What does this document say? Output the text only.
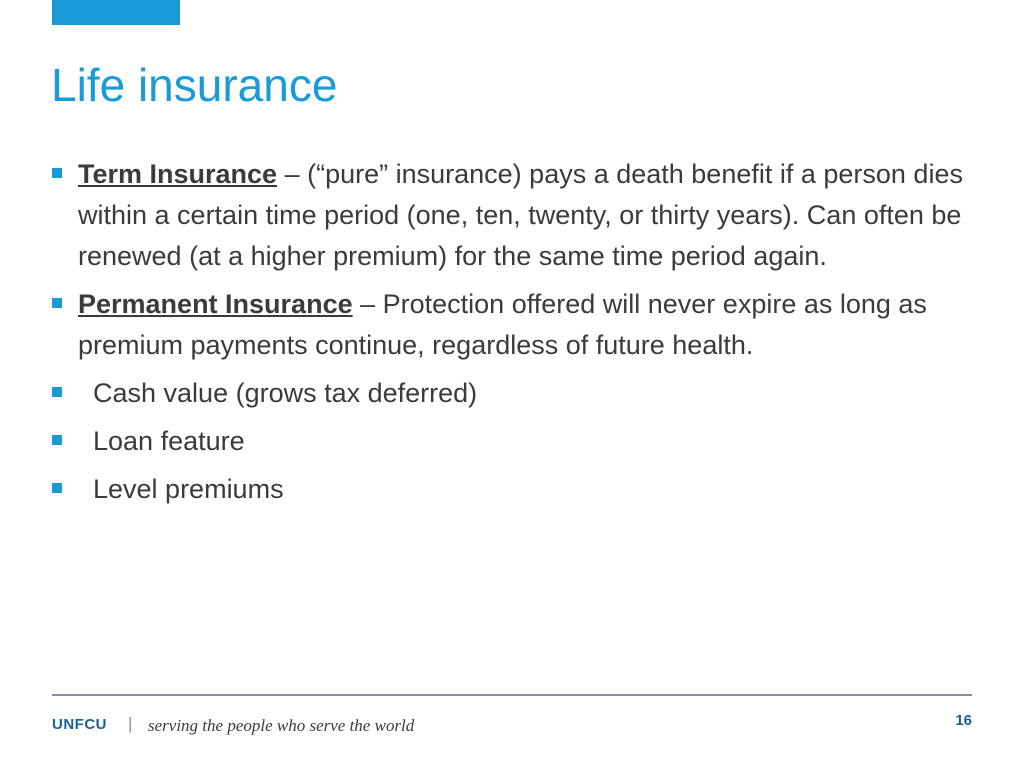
Life insurance
Term Insurance – (“pure” insurance) pays a death benefit if a person dies within a certain time period (one, ten, twenty, or thirty years). Can often be renewed (at a higher premium) for the same time period again.
Permanent Insurance – Protection offered will never expire as long as premium payments continue, regardless of future health.
Cash value (grows tax deferred)
Loan feature
Level premiums
UNFCU | serving the people who serve the world	16
